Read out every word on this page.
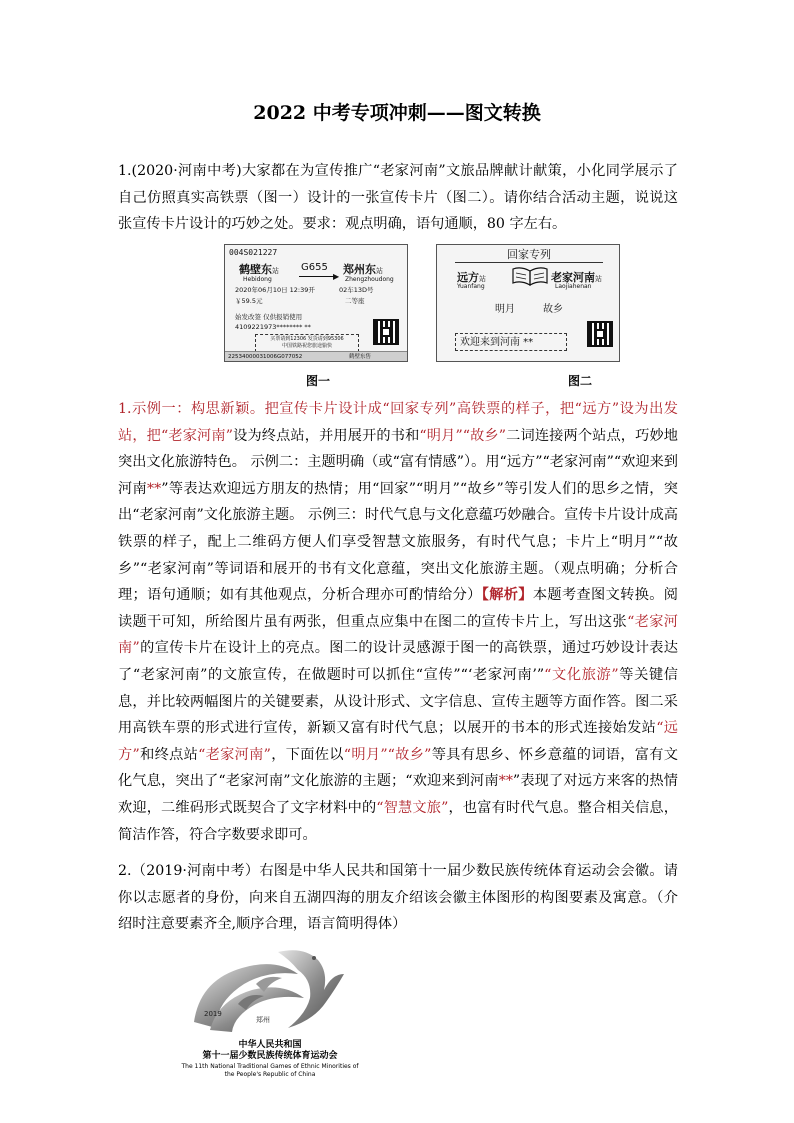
2022 中考专项冲刺——图文转换

1.(2020·河南中考)大家都在为宣传推广“老家河南”文旅品牌献计献策，小化同学展示了自己仿照真实高铁票（图一）设计的一张宣传卡片（图二）。请你结合活动主题，说说这张宣传卡片设计的巧妙之处。要求：观点明确，语句通顺，80 字左右。

004S021227
鹤壁东站
Hebidong
G655
▶
郑州东站
Zhengzhoudong
2020年06月10日 12:39开	02车13D号
￥59.5元	二等座
始发改签 仅供报销使用
4109221973******** **
买票请到12306 发货请到95306
中国铁路祝您旅途愉快
22534000031006G077052	鹤壁东售
回家专列
远方站
Yuanfang
老家河南站
Laojiahenan
明月	故乡
欢迎来到河南 **
图一	图二

1.示例一：构思新颖。把宣传卡片设计成“回家专列”高铁票的样子，把“远方”设为出发站，把“老家河南”设为终点站，并用展开的书和“明月”“故乡”二词连接两个站点，巧妙地突出文化旅游特色。 示例二：主题明确（或“富有情感”）。用“远方”“老家河南”“欢迎来到河南**”等表达欢迎远方朋友的热情；用“回家”“明月”“故乡”等引发人们的思乡之情，突出“老家河南”文化旅游主题。 示例三：时代气息与文化意蕴巧妙融合。宣传卡片设计成高铁票的样子，配上二维码方便人们享受智慧文旅服务，有时代气息；卡片上“明月”“故乡”“老家河南”等词语和展开的书有文化意蕴，突出文化旅游主题。（观点明确；分析合理；语句通顺；如有其他观点，分析合理亦可酌情给分）【解析】本题考查图文转换。阅读题干可知，所给图片虽有两张，但重点应集中在图二的宣传卡片上，写出这张“老家河南”的宣传卡片在设计上的亮点。图二的设计灵感源于图一的高铁票，通过巧妙设计表达了“老家河南”的文旅宣传，在做题时可以抓住“宣传”“‘老家河南’”“文化旅游”等关键信息，并比较两幅图片的关键要素，从设计形式、文字信息、宣传主题等方面作答。图二采用高铁车票的形式进行宣传，新颖又富有时代气息；以展开的书本的形式连接始发站“远方”和终点站“老家河南”，下面佐以“明月”“故乡”等具有思乡、怀乡意蕴的词语，富有文化气息，突出了“老家河南”文化旅游的主题；“欢迎来到河南**”表现了对远方来客的热情欢迎，二维码形式既契合了文字材料中的“智慧文旅”，也富有时代气息。整合相关信息，简洁作答，符合字数要求即可。

2.（2019·河南中考）右图是中华人民共和国第十一届少数民族传统体育运动会会徽。请你以志愿者的身份，向来自五湖四海的朋友介绍该会徽主体图形的构图要素及寓意。（介绍时注意要素齐全,顺序合理，语言简明得体）

2019
郑州
中华人民共和国
第十一届少数民族传统体育运动会
The 11th National Traditional Games of Ethnic Minorities of
the People's Republic of China
